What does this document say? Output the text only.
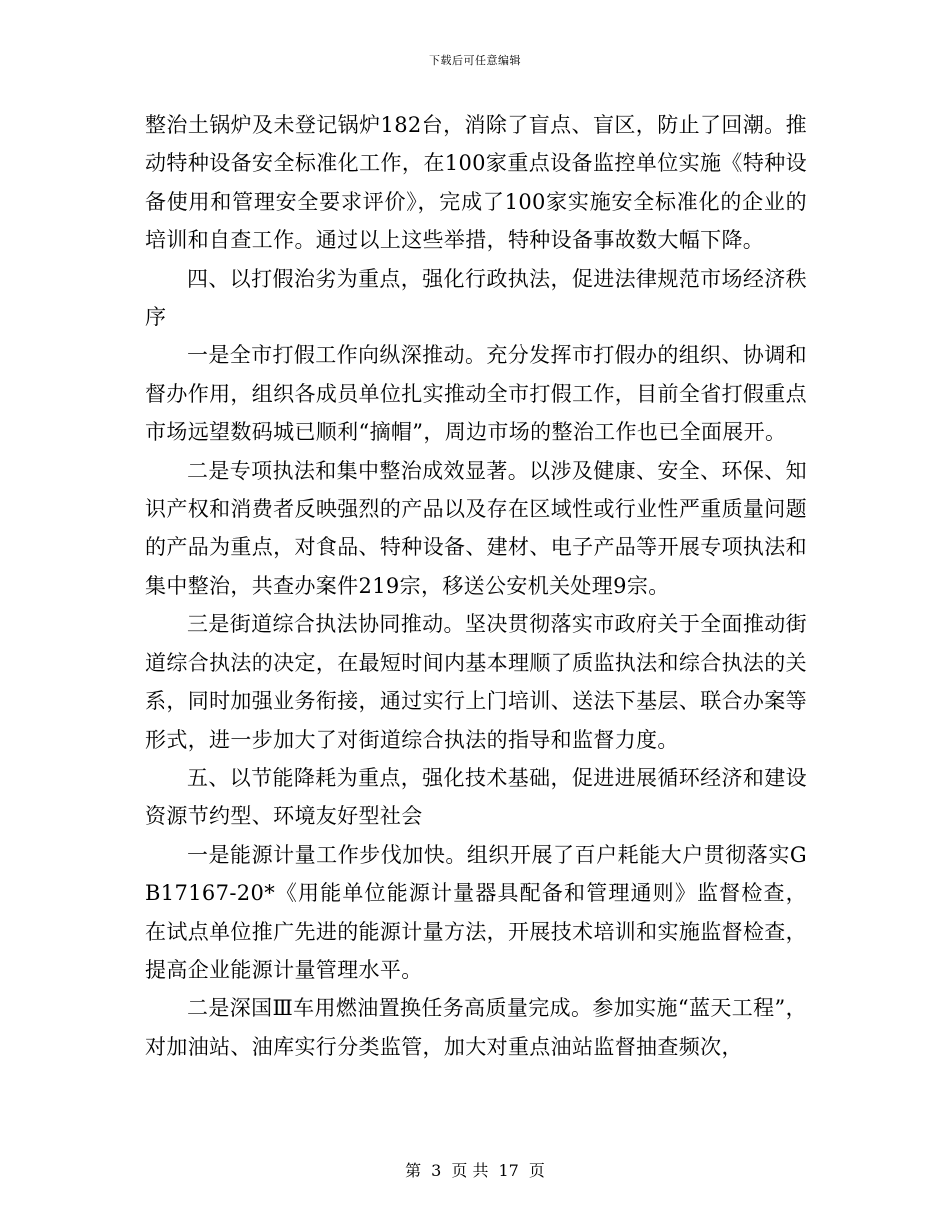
下载后可任意编辑

整治土锅炉及未登记锅炉182台，消除了盲点、盲区，防止了回潮。推动特种设备安全标准化工作，在100家重点设备监控单位实施《特种设备使用和管理安全要求评价》，完成了100家实施安全标准化的企业的培训和自查工作。通过以上这些举措，特种设备事故数大幅下降。

四、以打假治劣为重点，强化行政执法，促进法律规范市场经济秩序

一是全市打假工作向纵深推动。充分发挥市打假办的组织、协调和督办作用，组织各成员单位扎实推动全市打假工作，目前全省打假重点市场远望数码城已顺利“摘帽”，周边市场的整治工作也已全面展开。

二是专项执法和集中整治成效显著。以涉及健康、安全、环保、知识产权和消费者反映强烈的产品以及存在区域性或行业性严重质量问题的产品为重点，对食品、特种设备、建材、电子产品等开展专项执法和集中整治，共查办案件219宗，移送公安机关处理9宗。

三是街道综合执法协同推动。坚决贯彻落实市政府关于全面推动街道综合执法的决定，在最短时间内基本理顺了质监执法和综合执法的关系，同时加强业务衔接，通过实行上门培训、送法下基层、联合办案等形式，进一步加大了对街道综合执法的指导和监督力度。

五、以节能降耗为重点，强化技术基础，促进进展循环经济和建设资源节约型、环境友好型社会

一是能源计量工作步伐加快。组织开展了百户耗能大户贯彻落实GB17167-20*《用能单位能源计量器具配备和管理通则》监督检查，在试点单位推广先进的能源计量方法，开展技术培训和实施监督检查，提高企业能源计量管理水平。

二是深国Ⅲ车用燃油置换任务高质量完成。参加实施“蓝天工程”，对加油站、油库实行分类监管，加大对重点油站监督抽查频次，

第 3 页 共 17 页
